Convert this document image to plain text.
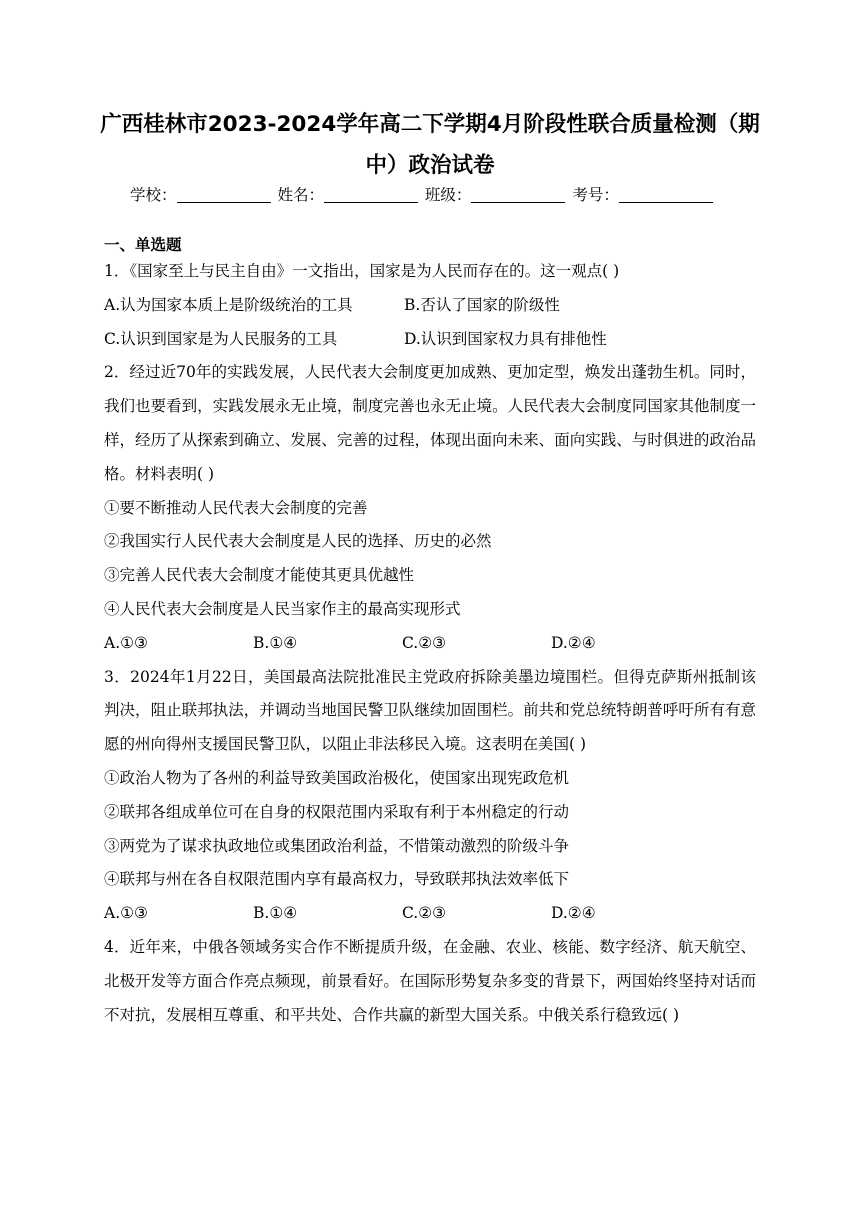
广西桂林市2023-2024学年高二下学期4月阶段性联合质量检测（期中）政治试卷
学校：	姓名：	班级：	考号：
一、单选题

1．《国家至上与民主自由》一文指出，国家是为人民而存在的。这一观点( )

A.认为国家本质上是阶级统治的工具	B.否认了国家的阶级性

C.认识到国家是为人民服务的工具	D.认识到国家权力具有排他性

2．经过近70年的实践发展，人民代表大会制度更加成熟、更加定型，焕发出蓬勃生机。同时，我们也要看到，实践发展永无止境，制度完善也永无止境。人民代表大会制度同国家其他制度一样，经历了从探索到确立、发展、完善的过程，体现出面向未来、面向实践、与时俱进的政治品格。材料表明( )

①要不断推动人民代表大会制度的完善

②我国实行人民代表大会制度是人民的选择、历史的必然

③完善人民代表大会制度才能使其更具优越性

④人民代表大会制度是人民当家作主的最高实现形式

A.①③	B.①④	C.②③	D.②④

3．2024年1月22日，美国最高法院批准民主党政府拆除美墨边境围栏。但得克萨斯州抵制该判决，阻止联邦执法，并调动当地国民警卫队继续加固围栏。前共和党总统特朗普呼吁所有有意愿的州向得州支援国民警卫队，以阻止非法移民入境。这表明在美国( )

①政治人物为了各州的利益导致美国政治极化，使国家出现宪政危机

②联邦各组成单位可在自身的权限范围内采取有利于本州稳定的行动

③两党为了谋求执政地位或集团政治利益，不惜策动激烈的阶级斗争

④联邦与州在各自权限范围内享有最高权力，导致联邦执法效率低下

A.①③	B.①④	C.②③	D.②④

4．近年来，中俄各领域务实合作不断提质升级，在金融、农业、核能、数字经济、航天航空、北极开发等方面合作亮点频现，前景看好。在国际形势复杂多变的背景下，两国始终坚持对话而不对抗，发展相互尊重、和平共处、合作共赢的新型大国关系。中俄关系行稳致远( )
